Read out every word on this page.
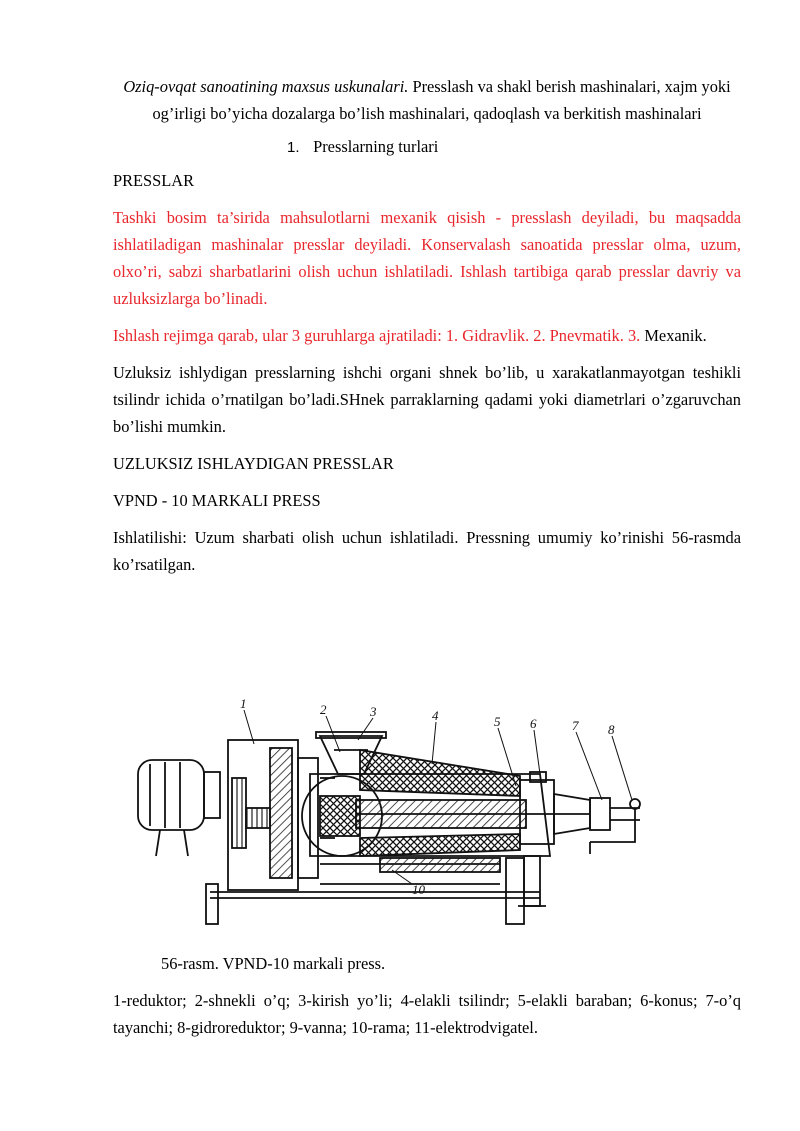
Oziq-ovqat sanoatining maxsus uskunalari. Presslash va shakl berish mashinalari, xajm yoki og’irligi bo’yicha dozalarga bo’lish mashinalari, qadoqlash va berkitish mashinalari

1. Presslarning turlari

PRESSLAR

Tashki bosim ta’sirida mahsulotlarni mexanik qisish - presslash deyiladi, bu maqsadda ishlatiladigan mashinalar presslar deyiladi. Konservalash sanoatida presslar olma, uzum, olxo’ri, sabzi sharbatlarini olish uchun ishlatiladi. Ishlash tartibiga qarab presslar davriy va uzluksizlarga bo’linadi.

Ishlash rejimga qarab, ular 3 guruhlarga ajratiladi: 1. Gidravlik. 2. Pnevmatik. 3. Mexanik.

Uzluksiz ishlydigan presslarning ishchi organi shnek bo’lib, u xarakatlanmayotgan teshikli tsilindr ichida o’rnatilgan bo’ladi.SHnek parraklarning qadami yoki diametrlari o’zgaruvchan bo’lishi mumkin.

UZLUKSIZ ISHLAYDIGAN PRESSLAR

VPND - 10 MARKALI PRESS

Ishlatilishi: Uzum sharbati olish uchun ishlatiladi. Pressning umumiy ko’rinishi 56-rasmda ko’rsatilgan.

1	2	3	4	5 6	7 8
10

56-rasm. VPND-10 markali press.

1-reduktor; 2-shnekli o’q; 3-kirish yo’li; 4-elakli tsilindr; 5-elakli baraban; 6-konus; 7-o’q tayanchi; 8-gidroreduktor; 9-vanna; 10-rama; 11-elektrodvigatel.
